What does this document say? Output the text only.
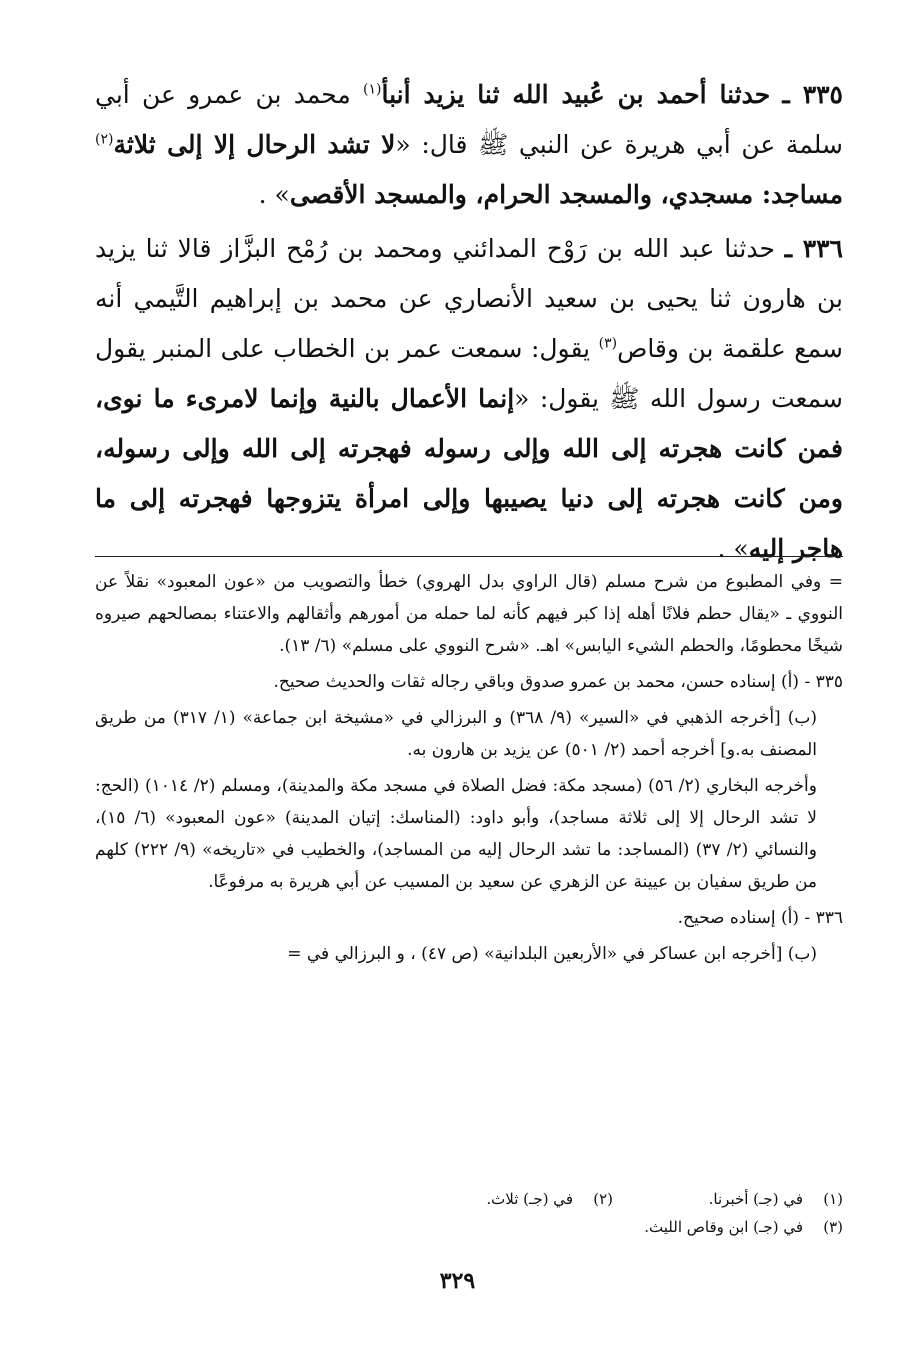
٣٣٥ ـ حدثنا أحمد بن عُبيد الله ثنا يزيد أنبأ$^{(١)}$ محمد بن عمرو عن أبي سلمة عن أبي هريرة عن النبي ﷺ قال: «لا تشد الرحال إلا إلى ثلاثة$^{(٢)}$ مساجد: مسجدي، والمسجد الحرام، والمسجد الأقصى» .

٣٣٦ ـ حدثنا عبد الله بن رَوْح المدائني ومحمد بن رُمْح البزَّاز قالا ثنا يزيد بن هارون ثنا يحيى بن سعيد الأنصاري عن محمد بن إبراهيم التَّيمي أنه سمع علقمة بن وقاص$^{(٣)}$ يقول: سمعت عمر بن الخطاب على المنبر يقول سمعت رسول الله ﷺ يقول: «إنما الأعمال بالنية وإنما لامرىء ما نوى، فمن كانت هجرته إلى الله وإلى رسوله فهجرته إلى الله وإلى رسوله، ومن كانت هجرته إلى دنيا يصيبها وإلى امرأة يتزوجها فهجرته إلى ما هاجر إليه» .

= وفي المطبوع من شرح مسلم (قال الراوي بدل الهروي) خطأ والتصويب من «عون المعبود» نقلاً عن النووي ـ «يقال حطم فلانًا أهله إذا كبر فيهم كأنه لما حمله من أمورهم وأثقالهم والاعتناء بمصالحهم صيروه شيخًا محطومًا، والحطم الشيء اليابس» اهـ. «شرح النووي على مسلم» (٦/ ١٣).

٣٣٥ - (أ) إسناده حسن، محمد بن عمرو صدوق وباقي رجاله ثقات والحديث صحيح.

(ب) [أخرجه الذهبي في «السير» (٩/ ٣٦٨) و البرزالي في «مشيخة ابن جماعة» (١/ ٣١٧) من طريق المصنف به.و] أخرجه أحمد (٢/ ٥٠١) عن يزيد بن هارون به.

وأخرجه البخاري (٢/ ٥٦) (مسجد مكة: فضل الصلاة في مسجد مكة والمدينة)، ومسلم (٢/ ١٠١٤) (الحج: لا تشد الرحال إلا إلى ثلاثة مساجد)، وأبو داود: (المناسك: إتيان المدينة) «عون المعبود» (٦/ ١٥)، والنسائي (٢/ ٣٧) (المساجد: ما تشد الرحال إليه من المساجد)، والخطيب في «تاريخه» (٩/ ٢٢٢) كلهم من طريق سفيان بن عيينة عن الزهري عن سعيد بن المسيب عن أبي هريرة به مرفوعًا.

٣٣٦ - (أ) إسناده صحيح.

(ب) [أخرجه ابن عساكر في «الأربعين البلدانية» (ص ٤٧) ، و البرزالي في =

(١)
في (جـ) أخبرنا.
(٢)
في (جـ) ثلاث.
(٣)
في (جـ) ابن وقاص الليث.
٣٢٩
